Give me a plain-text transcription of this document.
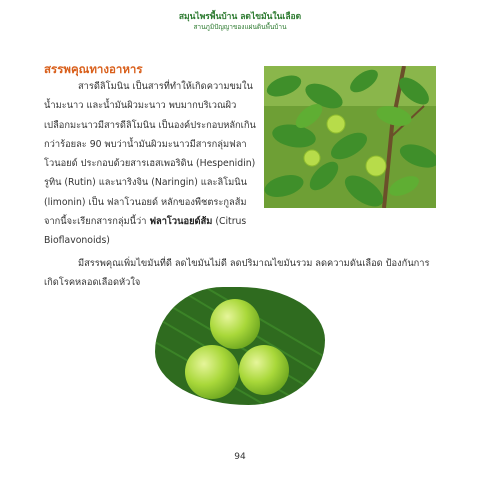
สมุนไพรพื้นบ้าน ลดไขมันในเลือด
สานภูมิปัญญาของแผ่นดินพื้นบ้าน
สรรพคุณทางอาหาร
สารดีลิโมนิน เป็นสารที่ทำให้เกิดความขมในน้ำมะนาว และน้ำมันผิวมะนาว พบมากบริเวณผิวเปลือกมะนาวมีสารดีลิโมนิน เป็นองค์ประกอบหลักเกินกว่าร้อยละ 90 พบว่าน้ำมันผิวมะนาวมีสารกลุ่มฟลาโวนอยด์ ประกอบด้วยสารเฮสเพอริดิน (Hespenidin) รูทิน (Rutin) และนาริงจิน (Naringin) และลิโมนิน (limonin) เป็น ฟลาโวนอยด์ หลักของพืชตระกูลส้ม จากนี้จะเรียกสารกลุ่มนี้ว่า ฟลาโวนอยด์ส้ม (Citrus Bioflavonoids)
มีสรรพคุณเพิ่มไขมันที่ดี ลดไขมันไม่ดี ลดปริมาณไขมันรวม ลดความดันเลือด ป้องกันการเกิดโรคหลอดเลือดหัวใจ
94
